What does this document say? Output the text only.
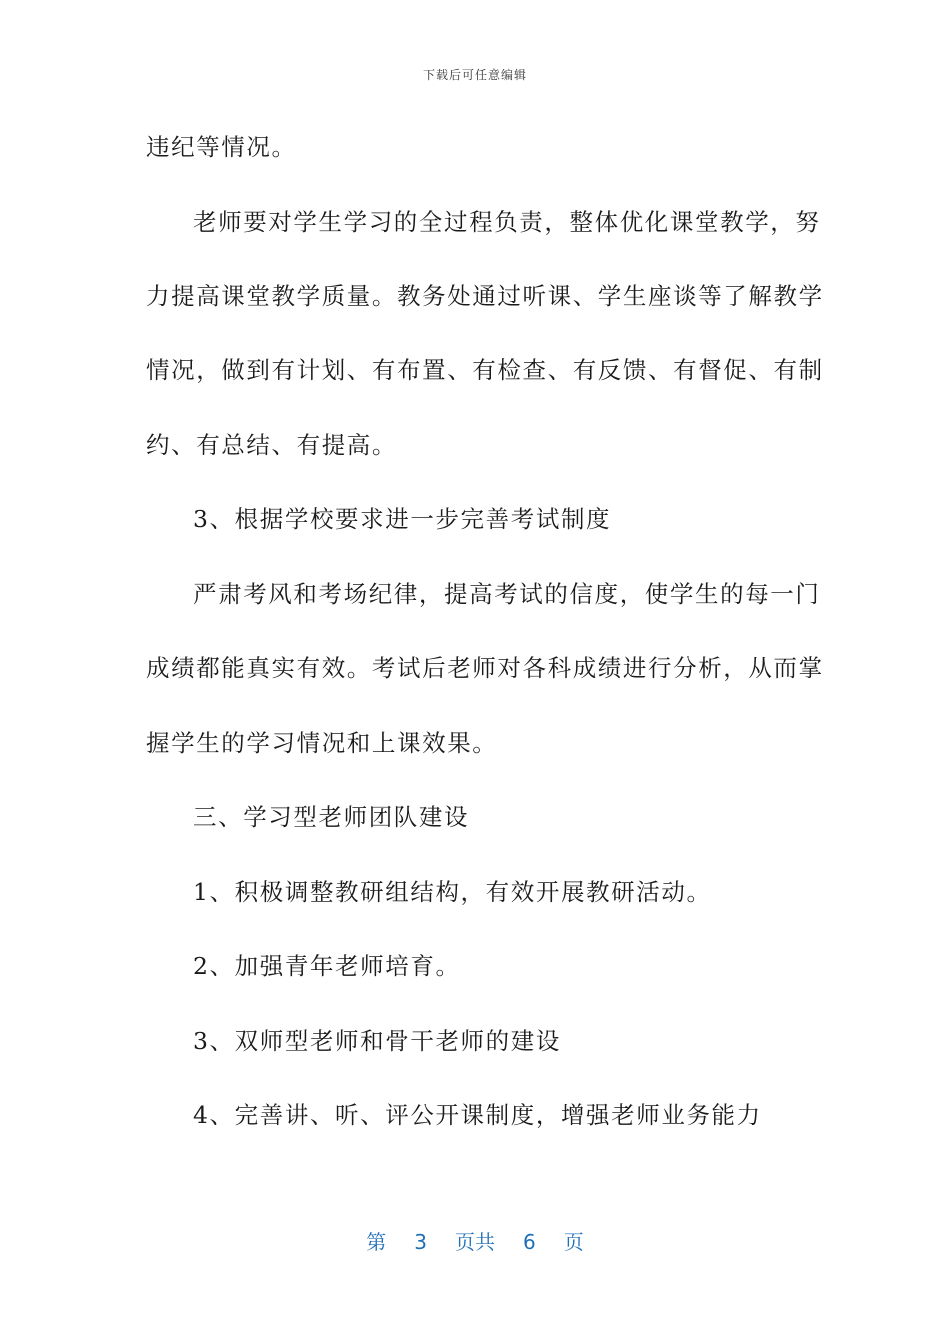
下载后可任意编辑
违纪等情况。
老师要对学生学习的全过程负责，整体优化课堂教学，努
力提高课堂教学质量。教务处通过听课、学生座谈等了解教学
情况，做到有计划、有布置、有检查、有反馈、有督促、有制
约、有总结、有提高。
3、根据学校要求进一步完善考试制度
严肃考风和考场纪律，提高考试的信度，使学生的每一门
成绩都能真实有效。考试后老师对各科成绩进行分析，从而掌
握学生的学习情况和上课效果。
三、学习型老师团队建设
1、积极调整教研组结构，有效开展教研活动。
2、加强青年老师培育。
3、双师型老师和骨干老师的建设
4、完善讲、听、评公开课制度，增强老师业务能力
第 3 页共 6 页
